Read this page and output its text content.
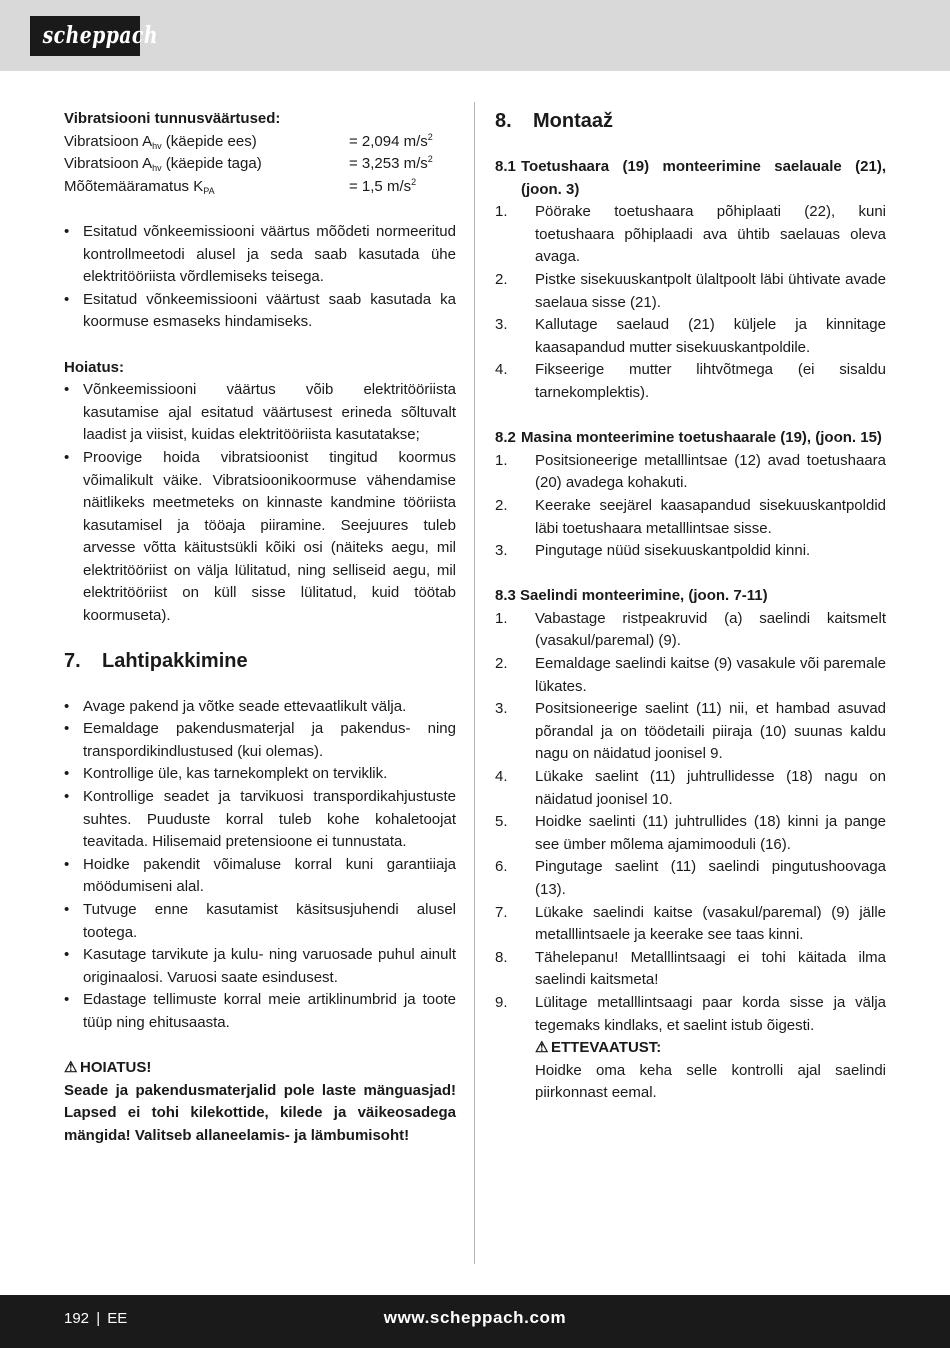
scheppach

Vibratsiooni tunnusväärtused:

Vibratsioon $A_{hv}$ (käepide ees)	= 2,094 $m/s^2$
Vibratsioon $A_{hv}$ (käepide taga)	= 3,253 $m/s^2$
Mõõtemääramatus $K_{PA}$	= 1,5 $m/s^2$
• Esitatud võnkeemissiooni väärtus mõõdeti normeeritud kontrollmeetodi alusel ja seda saab kasutada ühe elektritööriista võrdlemiseks teisega.
• Esitatud võnkeemissiooni väärtust saab kasutada ka koormuse esmaseks hindamiseks.

Hoiatus:

• Võnkeemissiooni väärtus võib elektritööriista kasutamise ajal esitatud väärtusest erineda sõltuvalt laadist ja viisist, kuidas elektritööriista kasutatakse;
• Proovige hoida vibratsioonist tingitud koormus võimalikult väike. Vibratsioonikoormuse vähendamise näitlikeks meetmeteks on kinnaste kandmine tööriista kasutamisel ja tööaja piiramine. Seejuures tuleb arvesse võtta käitustsükli kõiki osi (näiteks aegu, mil elektritööriist on välja lülitatud, ning selliseid aegu, mil elektritööriist on küll sisse lülitatud, kuid töötab koormuseta).
7.	Lahtipakkimine
• Avage pakend ja võtke seade ettevaatlikult välja.
• Eemaldage pakendusmaterjal ja pakendus- ning transpordikindlustused (kui olemas).
• Kontrollige üle, kas tarnekomplekt on terviklik.
• Kontrollige seadet ja tarvikuosi transpordikahjustuste suhtes. Puuduste korral tuleb kohe kohaletoojat teavitada. Hilisemaid pretensioone ei tunnustata.
• Hoidke pakendit võimaluse korral kuni garantiiaja möödumiseni alal.
• Tutvuge enne kasutamist käsitsusjuhendi alusel tootega.
• Kasutage tarvikute ja kulu- ning varuosade puhul ainult originaalosi. Varuosi saate esindusest.
• Edastage tellimuste korral meie artiklinumbrid ja toote tüüp ning ehitusaasta.

⚠ HOIATUS!

Seade ja pakendusmaterjalid pole laste mänguasjad! Lapsed ei tohi kilekottide, kilede ja väikeosadega mängida! Valitseb allaneelamis- ja lämbumisoht!

8.	Montaaž
8.1 Toetushaara (19) monteerimine saelauale (21), (joon. 3)
1.	Pöörake toetushaara põhiplaati (22), kuni toetushaara põhiplaadi ava ühtib saelauas oleva avaga.
2.	Pistke sisekuuskantpolt ülaltpoolt läbi ühtivate avade saelaua sisse (21).
3.	Kallutage saelaud (21) küljele ja kinnitage kaasapandud mutter sisekuuskantpoldile.
4.	Fikseerige mutter lihtvõtmega (ei sisaldu tarnekomplektis).
8.2 Masina monteerimine toetushaarale (19), (joon. 15)
1.	Positsioneerige metalllintsae (12) avad toetushaara (20) avadega kohakuti.
2.	Keerake seejärel kaasapandud sisekuuskantpoldid läbi toetushaara metalllintsae sisse.
3.	Pingutage nüüd sisekuuskantpoldid kinni.

8.3 Saelindi monteerimine, (joon. 7-11)

1.	Vabastage ristpeakruvid (a) saelindi kaitsmelt (vasakul/paremal) (9).
2.	Eemaldage saelindi kaitse (9) vasakule või paremale lükates.
3.	Positsioneerige saelint (11) nii, et hambad asuvad põrandal ja on töödetaili piiraja (10) suunas kaldu nagu on näidatud joonisel 9.
4.	Lükake saelint (11) juhtrullidesse (18) nagu on näidatud joonisel 10.
5.	Hoidke saelinti (11) juhtrullides (18) kinni ja pange see ümber mõlema ajamimooduli (16).
6.	Pingutage saelint (11) saelindi pingutushoovaga (13).
7.	Lükake saelindi kaitse (vasakul/paremal) (9) jälle metalllintsaele ja keerake see taas kinni.
8.	Tähelepanu! Metalllintsaagi ei tohi käitada ilma saelindi kaitsmeta!
9.	Lülitage metalllintsaagi paar korda sisse ja välja tegemaks kindlaks, et saelint istub õigesti.

⚠ ETTEVAATUST:

Hoidke oma keha selle kontrolli ajal saelindi piirkonnast eemal.

192 | EE	www.scheppach.com
